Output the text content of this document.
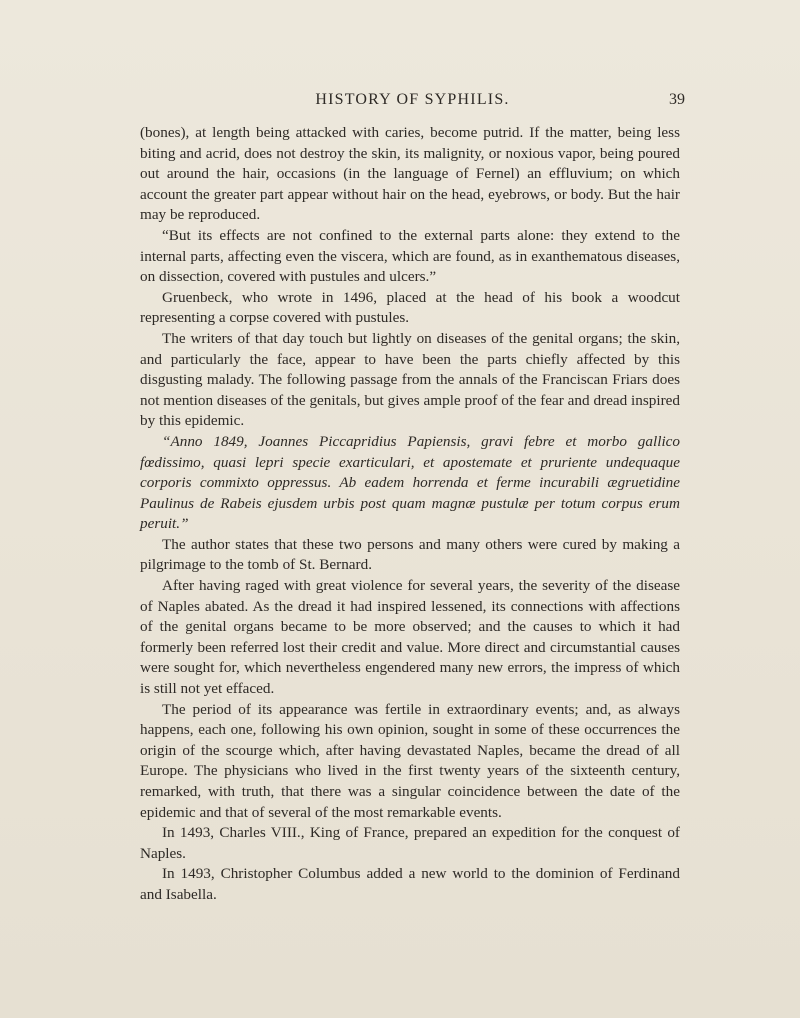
HISTORY OF SYPHILIS.	39

(bones), at length being attacked with caries, become putrid. If the matter, being less biting and acrid, does not destroy the skin, its malignity, or noxious vapor, being poured out around the hair, occasions (in the language of Fernel) an effluvium; on which account the greater part appear without hair on the head, eyebrows, or body. But the hair may be reproduced.

“But its effects are not confined to the external parts alone: they extend to the internal parts, affecting even the viscera, which are found, as in exanthematous diseases, on dissection, covered with pustules and ulcers.”

Gruenbeck, who wrote in 1496, placed at the head of his book a woodcut representing a corpse covered with pustules.

The writers of that day touch but lightly on diseases of the genital organs; the skin, and particularly the face, appear to have been the parts chiefly affected by this disgusting malady. The following passage from the annals of the Franciscan Friars does not mention diseases of the genitals, but gives ample proof of the fear and dread inspired by this epidemic.

“Anno 1849, Joannes Piccapridius Papiensis, gravi febre et morbo gallico fœdissimo, quasi lepri specie exarticulari, et apostemate et pruriente undequaque corporis commixto oppressus. Ab eadem horrenda et ferme incurabili ægruetidine Paulinus de Rabeis ejusdem urbis post quam magnæ pustulæ per totum corpus erum peruit.”

The author states that these two persons and many others were cured by making a pilgrimage to the tomb of St. Bernard.

After having raged with great violence for several years, the severity of the disease of Naples abated. As the dread it had inspired lessened, its connections with affections of the genital organs became to be more observed; and the causes to which it had formerly been referred lost their credit and value. More direct and circumstantial causes were sought for, which nevertheless engendered many new errors, the impress of which is still not yet effaced.

The period of its appearance was fertile in extraordinary events; and, as always happens, each one, following his own opinion, sought in some of these occurrences the origin of the scourge which, after having devastated Naples, became the dread of all Europe. The physicians who lived in the first twenty years of the sixteenth century, remarked, with truth, that there was a singular coincidence between the date of the epidemic and that of several of the most remarkable events.

In 1493, Charles VIII., King of France, prepared an expedition for the conquest of Naples.

In 1493, Christopher Columbus added a new world to the dominion of Ferdinand and Isabella.
